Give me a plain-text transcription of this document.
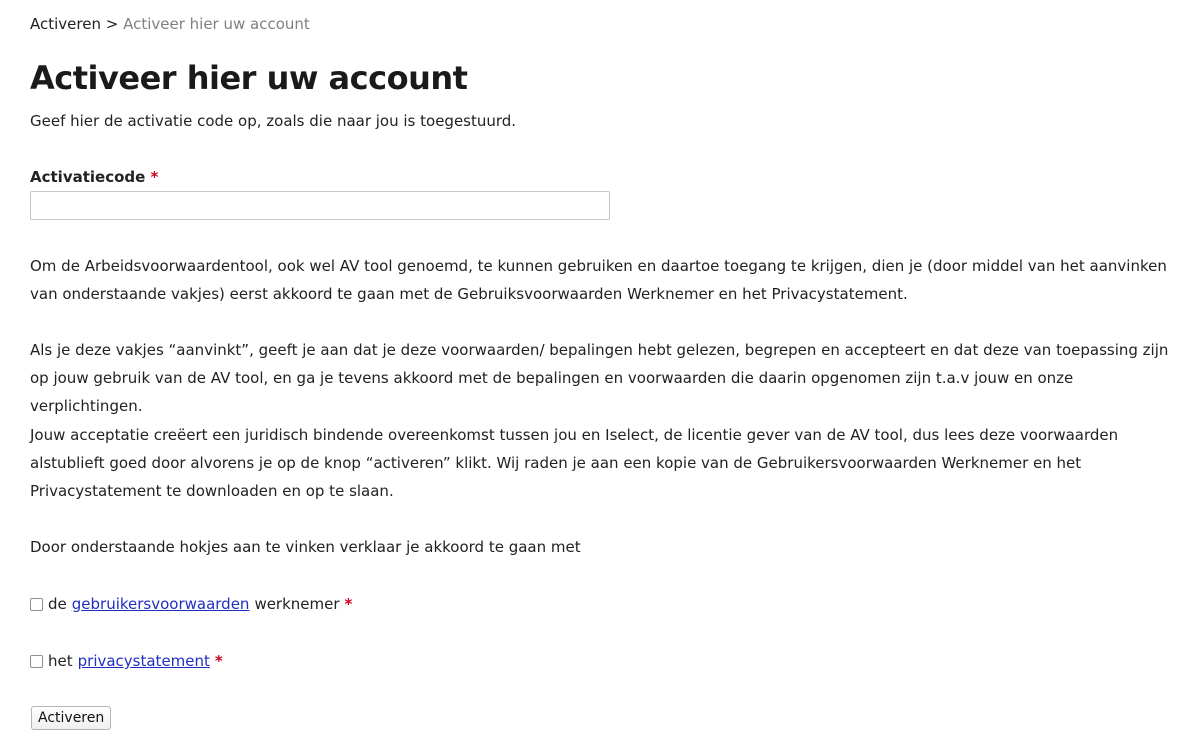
Activeren > Activeer hier uw account
Activeer hier uw account

Geef hier de activatie code op, zoals die naar jou is toegestuurd.

Activatiecode *

Om de Arbeidsvoorwaardentool, ook wel AV tool genoemd, te kunnen gebruiken en daartoe toegang te krijgen, dien je (door middel van het aanvinken van onderstaande vakjes) eerst akkoord te gaan met de Gebruiksvoorwaarden Werknemer en het Privacystatement.

Als je deze vakjes “aanvinkt”, geeft je aan dat je deze voorwaarden/ bepalingen hebt gelezen, begrepen en accepteert en dat deze van toepassing zijn op jouw gebruik van de AV tool, en ga je tevens akkoord met de bepalingen en voorwaarden die daarin opgenomen zijn t.a.v jouw en onze verplichtingen.

Jouw acceptatie creëert een juridisch bindende overeenkomst tussen jou en Iselect, de licentie gever van de AV tool, dus lees deze voorwaarden alstublieft goed door alvorens je op de knop “activeren” klikt. Wij raden je aan een kopie van de Gebruikersvoorwaarden Werknemer en het Privacystatement te downloaden en op te slaan.

Door onderstaande hokjes aan te vinken verklaar je akkoord te gaan met

de gebruikersvoorwaarden werknemer *
het privacystatement *
Activeren
